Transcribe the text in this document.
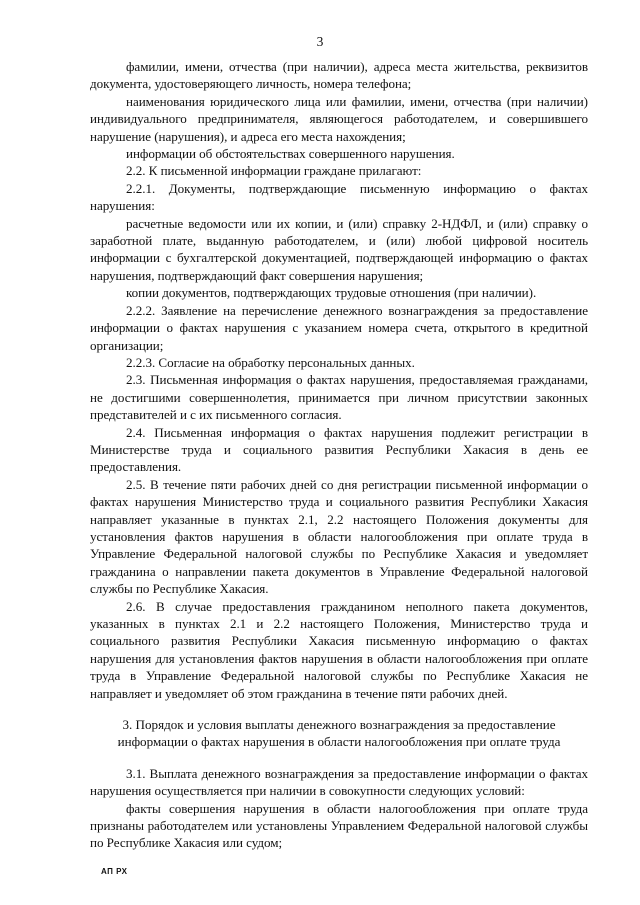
3

фамилии, имени, отчества (при наличии), адреса места жительства, реквизитов документа, удостоверяющего личность, номера телефона;

наименования юридического лица или фамилии, имени, отчества (при наличии) индивидуального предпринимателя, являющегося работодателем, и совершившего нарушение (нарушения), и адреса его места нахождения;

информации об обстоятельствах совершенного нарушения.

2.2. К письменной информации граждане прилагают:

2.2.1. Документы, подтверждающие письменную информацию о фактах нарушения:

расчетные ведомости или их копии, и (или) справку 2-НДФЛ, и (или) справку о заработной плате, выданную работодателем, и (или) любой цифровой носитель информации с бухгалтерской документацией, подтверждающей информацию о фактах нарушения, подтверждающий факт совершения нарушения;

копии документов, подтверждающих трудовые отношения (при наличии).

2.2.2. Заявление на перечисление денежного вознаграждения за предоставление информации о фактах нарушения с указанием номера счета, открытого в кредитной организации;

2.2.3. Согласие на обработку персональных данных.

2.3. Письменная информация о фактах нарушения, предоставляемая гражданами, не достигшими совершеннолетия, принимается при личном присутствии законных представителей и с их письменного согласия.

2.4. Письменная информация о фактах нарушения подлежит регистрации в Министерстве труда и социального развития Республики Хакасия в день ее предоставления.

2.5. В течение пяти рабочих дней со дня регистрации письменной информации о фактах нарушения Министерство труда и социального развития Республики Хакасия направляет указанные в пунктах 2.1, 2.2 настоящего Положения документы для установления фактов нарушения в области налогообложения при оплате труда в Управление Федеральной налоговой службы по Республике Хакасия и уведомляет гражданина о направлении пакета документов в Управление Федеральной налоговой службы по Республике Хакасия.

2.6. В случае предоставления гражданином неполного пакета документов, указанных в пунктах 2.1 и 2.2 настоящего Положения, Министерство труда и социального развития Республики Хакасия письменную информацию о фактах нарушения для установления фактов нарушения в области налогообложения при оплате труда в Управление Федеральной налоговой службы по Республике Хакасия не направляет и уведомляет об этом гражданина в течение пяти рабочих дней.

3. Порядок и условия выплаты денежного вознаграждения за предоставление информации о фактах нарушения в области налогообложения при оплате труда

3.1. Выплата денежного вознаграждения за предоставление информации о фактах нарушения осуществляется при наличии в совокупности следующих условий:

факты совершения нарушения в области налогообложения при оплате труда признаны работодателем или установлены Управлением Федеральной налоговой службы по Республике Хакасия или судом;

АП РХ
